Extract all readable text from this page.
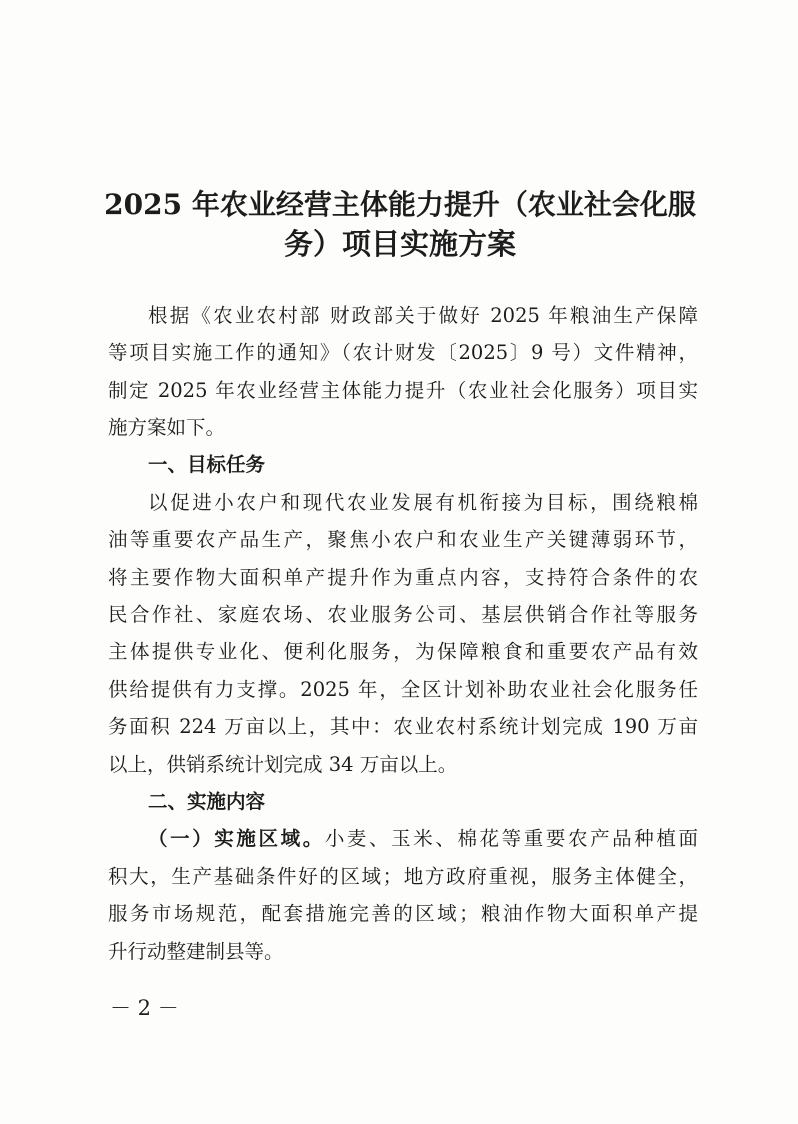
2025 年农业经营主体能力提升（农业社会化服
务）项目实施方案
根据《农业农村部 财政部关于做好 2025 年粮油生产保障
等项目实施工作的通知》（农计财发〔2025〕9 号）文件精神，
制定 2025 年农业经营主体能力提升（农业社会化服务）项目实
施方案如下。
一、目标任务
以促进小农户和现代农业发展有机衔接为目标，围绕粮棉
油等重要农产品生产，聚焦小农户和农业生产关键薄弱环节，
将主要作物大面积单产提升作为重点内容，支持符合条件的农
民合作社、家庭农场、农业服务公司、基层供销合作社等服务
主体提供专业化、便利化服务，为保障粮食和重要农产品有效
供给提供有力支撑。2025 年，全区计划补助农业社会化服务任
务面积 224 万亩以上，其中：农业农村系统计划完成 190 万亩
以上，供销系统计划完成 34 万亩以上。
二、实施内容
（一）实施区域。小麦、玉米、棉花等重要农产品种植面
积大，生产基础条件好的区域；地方政府重视，服务主体健全，
服务市场规范，配套措施完善的区域；粮油作物大面积单产提
升行动整建制县等。
－ 2 －
